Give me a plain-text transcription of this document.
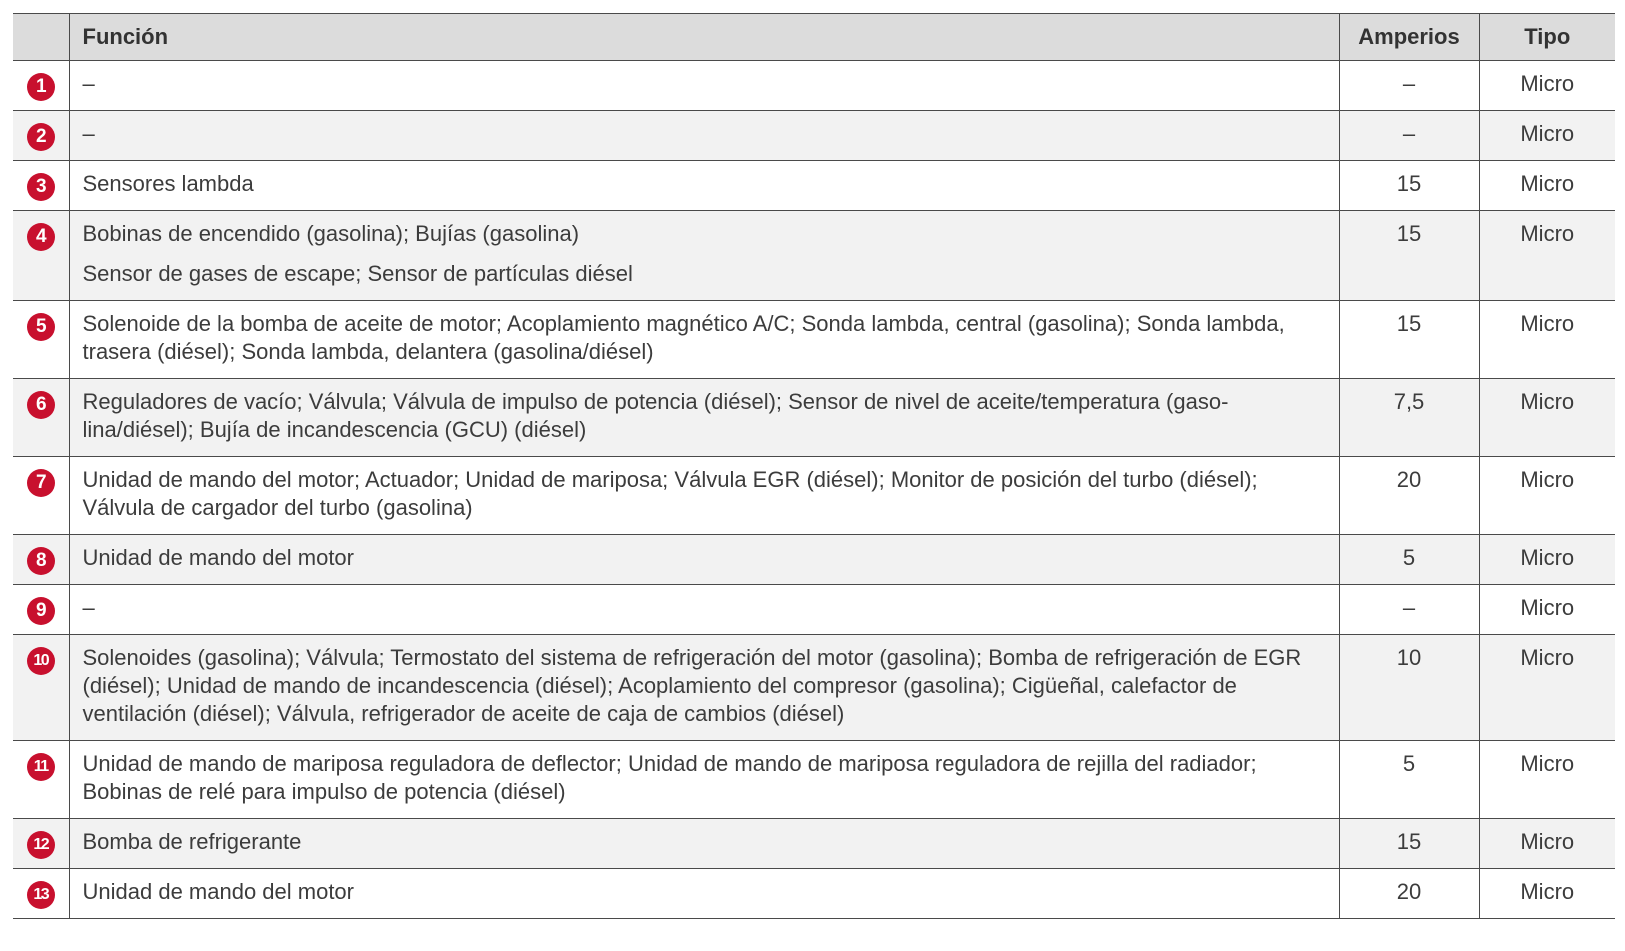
	Función	Amperios	Tipo
1	–	–	Micro

2	–	–	Micro

3	Sensores lambda	15	Micro

4	Bobinas de encendido (gasolina); Bujías (gasolina)
Sensor de gases de escape; Sensor de partículas diésel	15	Micro

5	Solenoide de la bomba de aceite de motor; Acoplamiento magnético A/C; Sonda lambda, central (gasolina); Sonda lambda, trasera (diésel); Sonda lambda, delantera (gasolina/diésel)	15	Micro

6	Reguladores de vacío; Válvula; Válvula de impulso de potencia (diésel); Sensor de nivel de aceite/temperatura (gasolina/diésel); Bujía de incandescencia (GCU) (diésel)	7,5	Micro

7	Unidad de mando del motor; Actuador; Unidad de mariposa; Válvula EGR (diésel); Monitor de posición del turbo (diésel); Válvula de cargador del turbo (gasolina)	20	Micro

8	Unidad de mando del motor	5	Micro

9	–	–	Micro

10	Solenoides (gasolina); Válvula; Termostato del sistema de refrigeración del motor (gasolina); Bomba de refrigeración de EGR (diésel); Unidad de mando de incandescencia (diésel); Acoplamiento del compresor (gasolina); Cigüeñal, calefactor de ventilación (diésel); Válvula, refrigerador de aceite de caja de cambios (diésel)	10	Micro

11	Unidad de mando de mariposa reguladora de deflector; Unidad de mando de mariposa reguladora de rejilla del radiador; Bobinas de relé para impulso de potencia (diésel)	5	Micro

12	Bomba de refrigerante	15	Micro

13	Unidad de mando del motor	20	Micro
